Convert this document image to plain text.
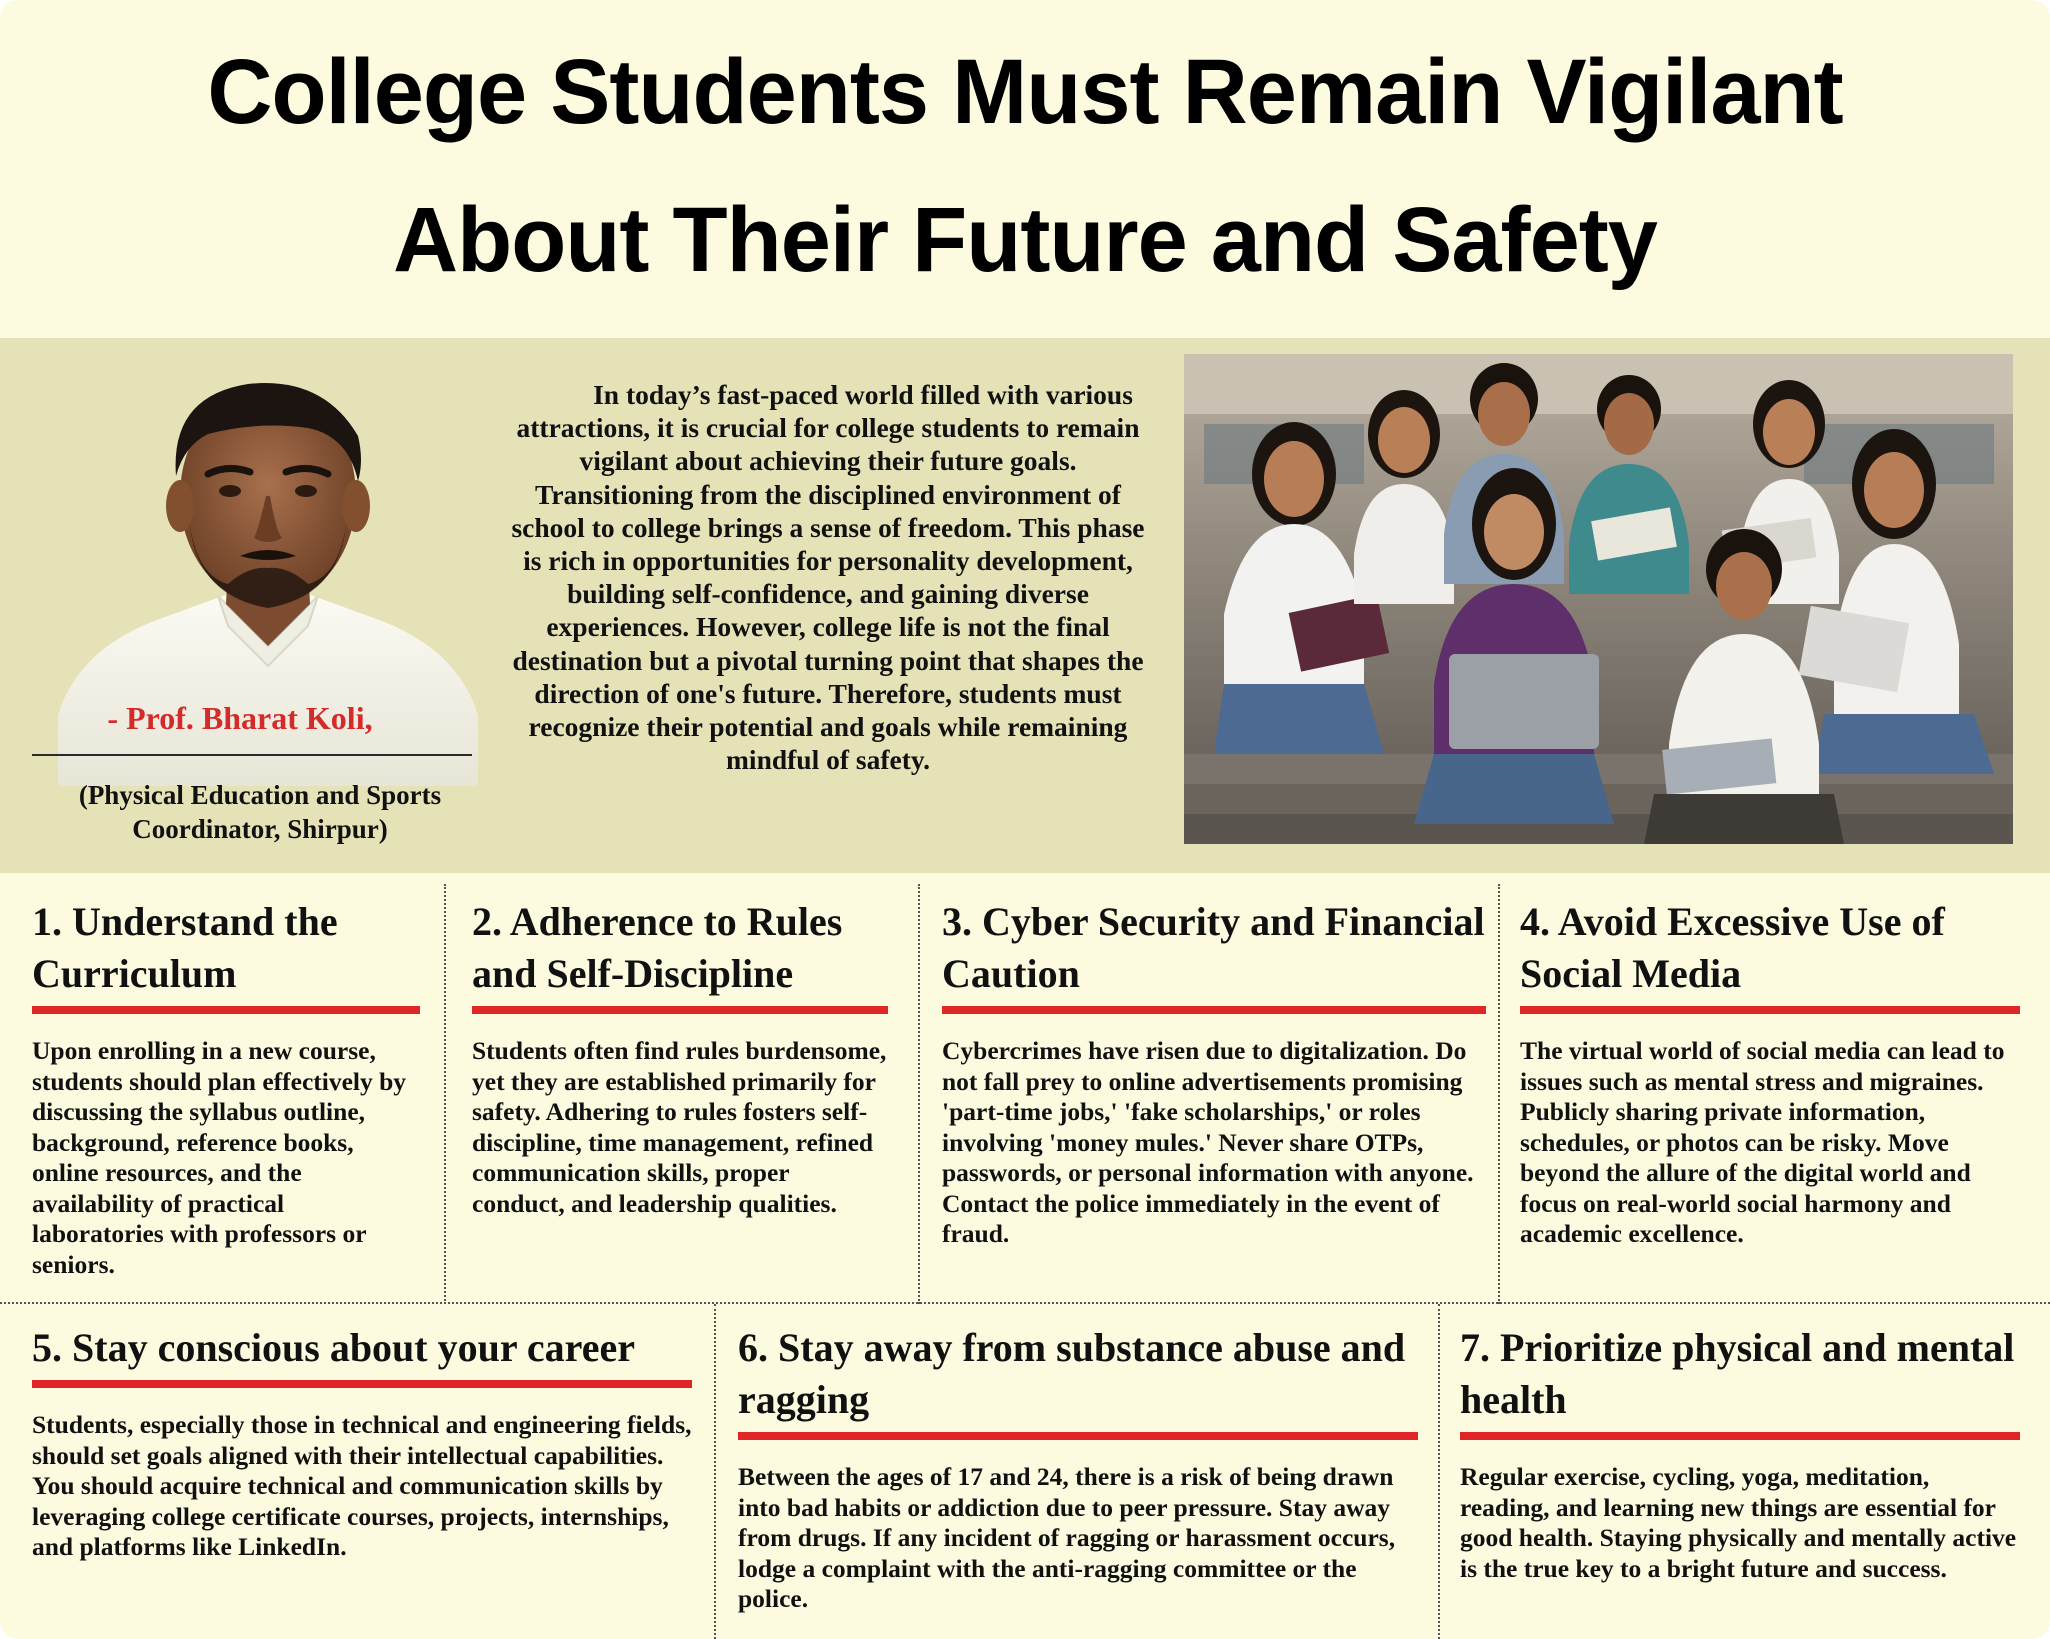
College Students Must Remain Vigilant
About Their Future and Safety
- Prof. Bharat Koli,
(Physical Education and Sports Coordinator, Shirpur)
In today’s fast-paced world filled with various attractions, it is crucial for college students to remain vigilant about achieving their future goals. Transitioning from the disciplined environment of school to college brings a sense of freedom. This phase is rich in opportunities for personality development, building self-confidence, and gaining diverse experiences. However, college life is not the final destination but a pivotal turning point that shapes the direction of one's future. Therefore, students must recognize their potential and goals while remaining mindful of safety.
1. Understand the Curriculum

Upon enrolling in a new course, students should plan effectively by discussing the syllabus outline, background, reference books, online resources, and the availability of practical laboratories with professors or seniors.

2. Adherence to Rules and Self-Discipline

Students often find rules burdensome, yet they are established primarily for safety. Adhering to rules fosters self-discipline, time management, refined communication skills, proper conduct, and leadership qualities.

3. Cyber Security and Financial Caution

Cybercrimes have risen due to digitalization. Do not fall prey to online advertisements promising 'part-time jobs,' 'fake scholarships,' or roles involving 'money mules.' Never share OTPs, passwords, or personal information with anyone. Contact the police immediately in the event of fraud.

4. Avoid Excessive Use of Social Media

The virtual world of social media can lead to issues such as mental stress and migraines. Publicly sharing private information, schedules, or photos can be risky. Move beyond the allure of the digital world and focus on real-world social harmony and academic excellence.

5. Stay conscious about your career

Students, especially those in technical and engineering fields, should set goals aligned with their intellectual capabilities. You should acquire technical and communication skills by leveraging college certificate courses, projects, internships, and platforms like LinkedIn.

6. Stay away from substance abuse and ragging

Between the ages of 17 and 24, there is a risk of being drawn into bad habits or addiction due to peer pressure. Stay away from drugs. If any incident of ragging or harassment occurs, lodge a complaint with the anti-ragging committee or the police.

7. Prioritize physical and mental health

Regular exercise, cycling, yoga, meditation, reading, and learning new things are essential for good health. Staying physically and mentally active is the true key to a bright future and success.
